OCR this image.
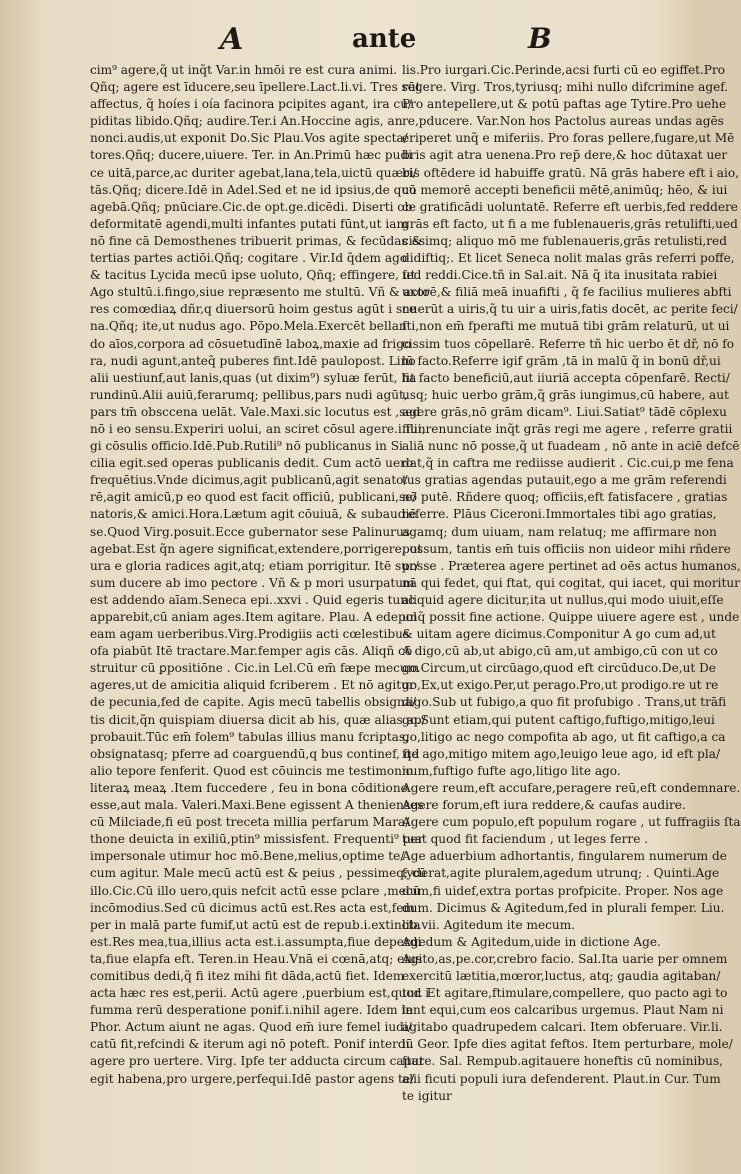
A	ante	B
cim⁹ agere,q̃ ut inq̃t Var.in hmōi re est cura animi.
Qñq; agere est īducere,seu īpellere.Lact.li.vi. Tres sūt
affectus, q̃ hoíes i oía facinora pcipites agant, ira cu/
piditas libido.Qñq; audire.Ter.i An.Hoccine agis, an
nonci.audis,ut exponit Do.Sic Plau.Vos agite specta/
tores.Qñq; ducere,uiuere. Ter. in An.Primū hæc pudi
ce uitā,parce,ac duriter agebat,lana,tela,uictū quæri/
tās.Qñq; dicere.Idē in Adel.Sed et ne id ipsius,de quo
agebā.Qñq; pnūciare.Cic.de opt.ge.dicēdi. Diserti ob
deformitatē agendi,multi infantes putati fūnt,ut iam
nō fine cā Demosthenes tribuerit primas, & fecūdas &
tertias partes actiōi.Qñq; cogitare . Vir.Id q̃dem ago
& tacitus Lycida mecū ipse uoluto, Qñq; effingere, ut
Ago stultū.i.fingo,siue repræsento me stultū. Vñ & acto
res comœdiaꝝ dñr,q diuersorū hoim gestus agūt i sce
na.Qñq; ite,ut nudus ago. Pōpo.Mela.Exercēt bellan
do aīos,corpora ad cōsuetudīnē laboꝝ,maxie ad frigo
ra, nudi agunt,anteq̃ puberes fint.Idē paulopost. Lino
alii uestiunf,aut lanis,quas (ut dixim⁹) syluæ ferūt, ha
rundinū.Alii auiū,ferarumq; pellibus,pars nudi agūt,
pars tm̄ obsccena uelāt. Vale.Maxi.sic locutus est ,sed
nō i eo sensu.Experiri uolui, an sciret cōsul agere.i.fun
gi cōsulis officio.Idē.Pub.Rutili⁹ nō publicanus in Si
cilia egit.sed operas publicanis dedit. Cum actō uero
frequētius.Vnde dicimus,agit publicanū,agit senato/
rē,agit amicū,p eo quod est facit officiū, publicani,se/
natoris,& amici.Hora.Lætum agit cōuiuā, & subaudiē
se.Quod Virg.posuit.Ecce gubernator sese Palinurus
agebat.Est q̃n agere significat,extendere,porrigere, ut
ura e gloria radices agit,atq; etiam porrigitur. Itē sur/
sum ducere ab imo pectore . Vñ & p mori usurpatum
est addendo aīam.Seneca epi..xxvi . Quid egeris tunc
apparebit,cū aniam ages.Item agitare. Plau. A edepol
eam agam uerberibus.Virg.Prodigiis acti cœlestibus
ofa piabūt Itē tractare.Mar.femper agis cās. Aliqñ cō
struitur cū ꝑpositiōne . Cic.in Lel.Cū em̄ fæpe mecum
ageres,ut de amicitia aliquid fcriberem . Et nō agitur
de pecunia,fed de capite. Agis mecū tabellis obsigna/
tis dicit,q̃n quispiam diuersa dicit ab his, quæ alias ap/
probauit.Tūc em̄ folem⁹ tabulas illius manu fcriptas,
obsignatasq; pferre ad coarguendū,q bus continef, qd
alio tepore fenferit. Quod est cōuincis me testimonio
literaꝝ meaꝝ .Item fuccedere , feu in bona cōditione
esse,aut mala. Valeri.Maxi.Bene egissent A thenienses
cū Milciade,fi eū post treceta millia perfarum Mara/
thone deuicta in exiliū,ptin⁹ missisfent. Frequenti⁹ per
impersonale utimur hoc mō.Bene,melius,optime te/
cum agitur. Male mecū actū est & peius , pessimeq; cū
illo.Cic.Cū illo uero,quis nefcit actū esse pclare ,mecū
incōmodius.Sed cū dicimus actū est.Res acta est,fem
per in malā parte fumif,ut actū est de repub.i.extincta
est.Res mea,tua,illius acta est.i.assumpta,fiue deperdi
ta,fiue elapfa eft. Teren.in Heau.Vnā ei cœnā,atq; eius
comitibus dedi,q̃ fi itez mihi fit dāda,actū fiet. Idem
acta hæc res est,perii. Actū agere ,puerbium est,quod i
fumma rerū desperatione ponif.i.nihil agere. Idem in
Phor. Actum aiunt ne agas. Quod em̄ iure femel iudi/
catū fit,refcindi & iterum agi nō poteft. Ponif interdū
agere pro uertere. Virg. Ipfe ter adducta circum caput
egit habena,pro urgere,perfequi.Idē pastor agens te/
lis.Pro iurgari.Cic.Perinde,acsi furti cū eo egiffet.Pro
regere. Virg. Tros,tyriusq; mihi nullo difcrimine agef.
Pro antepellere,ut & potū paftas age Tytire.Pro uehe
re,pducere. Var.Non hos Pactolus aureas undas agēs
eriperet unq̃ e miferiis. Pro foras pellere,fugare,ut Mē
bris agit atra uenena.Pro rep̄ dere,& hoc dūtaxat uer
bis oftēdere id habuiffe gratū. Nā grās habere eft i aio,
cū memorē accepti beneficii mētē,animūq; hēo, & iui
ce gratificādi uoluntatē. Referre eft uerbis,fed reddere
grās eft facto, ut fi a me fublenaueris,grās retulifti,ued
cissimq; aliquo mō me fublenaueris,grās retulisti,red
didiftiq;. Et licet Seneca nolit malas grās referri poffe,
fed reddi.Cice.tñ in Sal.ait. Nā q̃ ita inusitata rabiei
uxorē,& filiā meā inuafifti , q̃ fe facilius mulieres abfti
nuerūt a uiris,q̃ tu uir a uiris,fatis docēt, ac perite feci/
fti,non em̄ fperafti me mutuā tibi grām relaturū, ut ui
cissim tuos cōpellarē. Referre tñ hic uerbo ēt dř, nō fo
lū facto.Referre igif grām ,tā in malū q̃ in bonū dř,ui
fit facto beneficiū,aut iiuriā accepta cōpenfarē. Recti/
usq; huic uerbo grām,q̃ grās iungimus,cū habere, aut
agere grās,nō grām dicam⁹. Liui.Satiat⁹ tādē cōplexu
filii,renunciate inq̃t grās regi me agere , referre gratii
aliā nunc nō posse,q̃ ut fuadeam , nō ante in aciē defcē
dat,q̃ in caftra me rediisse audierit . Cic.cui,p me fena
tus gratias agendas putauit,ego a me grām referendi
nō putē. Rñdere quoq; officiis,eft fatisfacere , gratias
referre. Plāus Ciceroni.Immortales tibi ago gratias,
agamq; dum uiuam, nam relatuq; me affirmare non
possum, tantis em̄ tuis officiis non uideor mihi rñdere
posse . Præterea agere pertinet ad oēs actus humanos,
nā qui fedet, qui ftat, qui cogitat, qui iacet, qui moritur
aliquid agere dicitur,ita ut nullus,qui modo uiuit,eſſe
unq̃ possit fine actione. Quippe uiuere agere est , unde
& uitam agere dicimus.Componitur A go cum ad,ut
A digo,cū ab,ut abigo,cū am,ut ambigo,cū con ut co
go.Circum,ut circūago,quod eft circūduco.De,ut De
go,Ex,ut exigo.Per,ut perago.Pro,ut prodigo.re ut re
digo.Sub ut fubigo,a quo fit profubigo . Trans,ut trāfi
go.Sunt etiam,qui putent caftigo,fuftigo,mitigo,leui
go,litigo ac nego compofita ab ago, ut fit caftigo,a ca
fte ago,mitigo mitem ago,leuigo leue ago, id eft pla/
num,fuftigo fufte ago,litigo lite ago.
Agere reum,eft accufare,peragere reū,eft condemnare.
Agere forum,eft iura reddere,& caufas audire.
Agere cum populo,eft populum rogare , ut fuffragiis ſta
tuat quod fit faciendum , ut leges ferre .
Age aduerbium adhortantis, fingularem numerum de
fyderat,agite pluralem,agedum utrunq; . Quinti.Age
dum,fi uidef,extra portas profpicite. Proper. Nos age
dum. Dicimus & Agitedum,fed in plurali femper. Liu.
lib.vii. Agitedum ite mecum.
Agedum & Agitedum,uide in dictione Age.
Agito,as,pe.cor,crebro facio. Sal.Ita uarie per omnem
exercitū lætitia,mœror,luctus, atq; gaudia agitaban/
tur. Et agitare,ftimulare,compellere, quo pacto agi to
lent equi,cum eos calcaribus urgemus. Plaut Nam ni
agitabo quadrupedem calcari. Item obferuare. Vir.li.
ii. Geor. Ipfe dies agitat feftos. Item perturbare, mole/
ftare. Sal. Rempub.agitauere honeftis cū nominibus,
alii ficuti populi iura defenderent. Plaut.in Cur. Tum
te igitur
